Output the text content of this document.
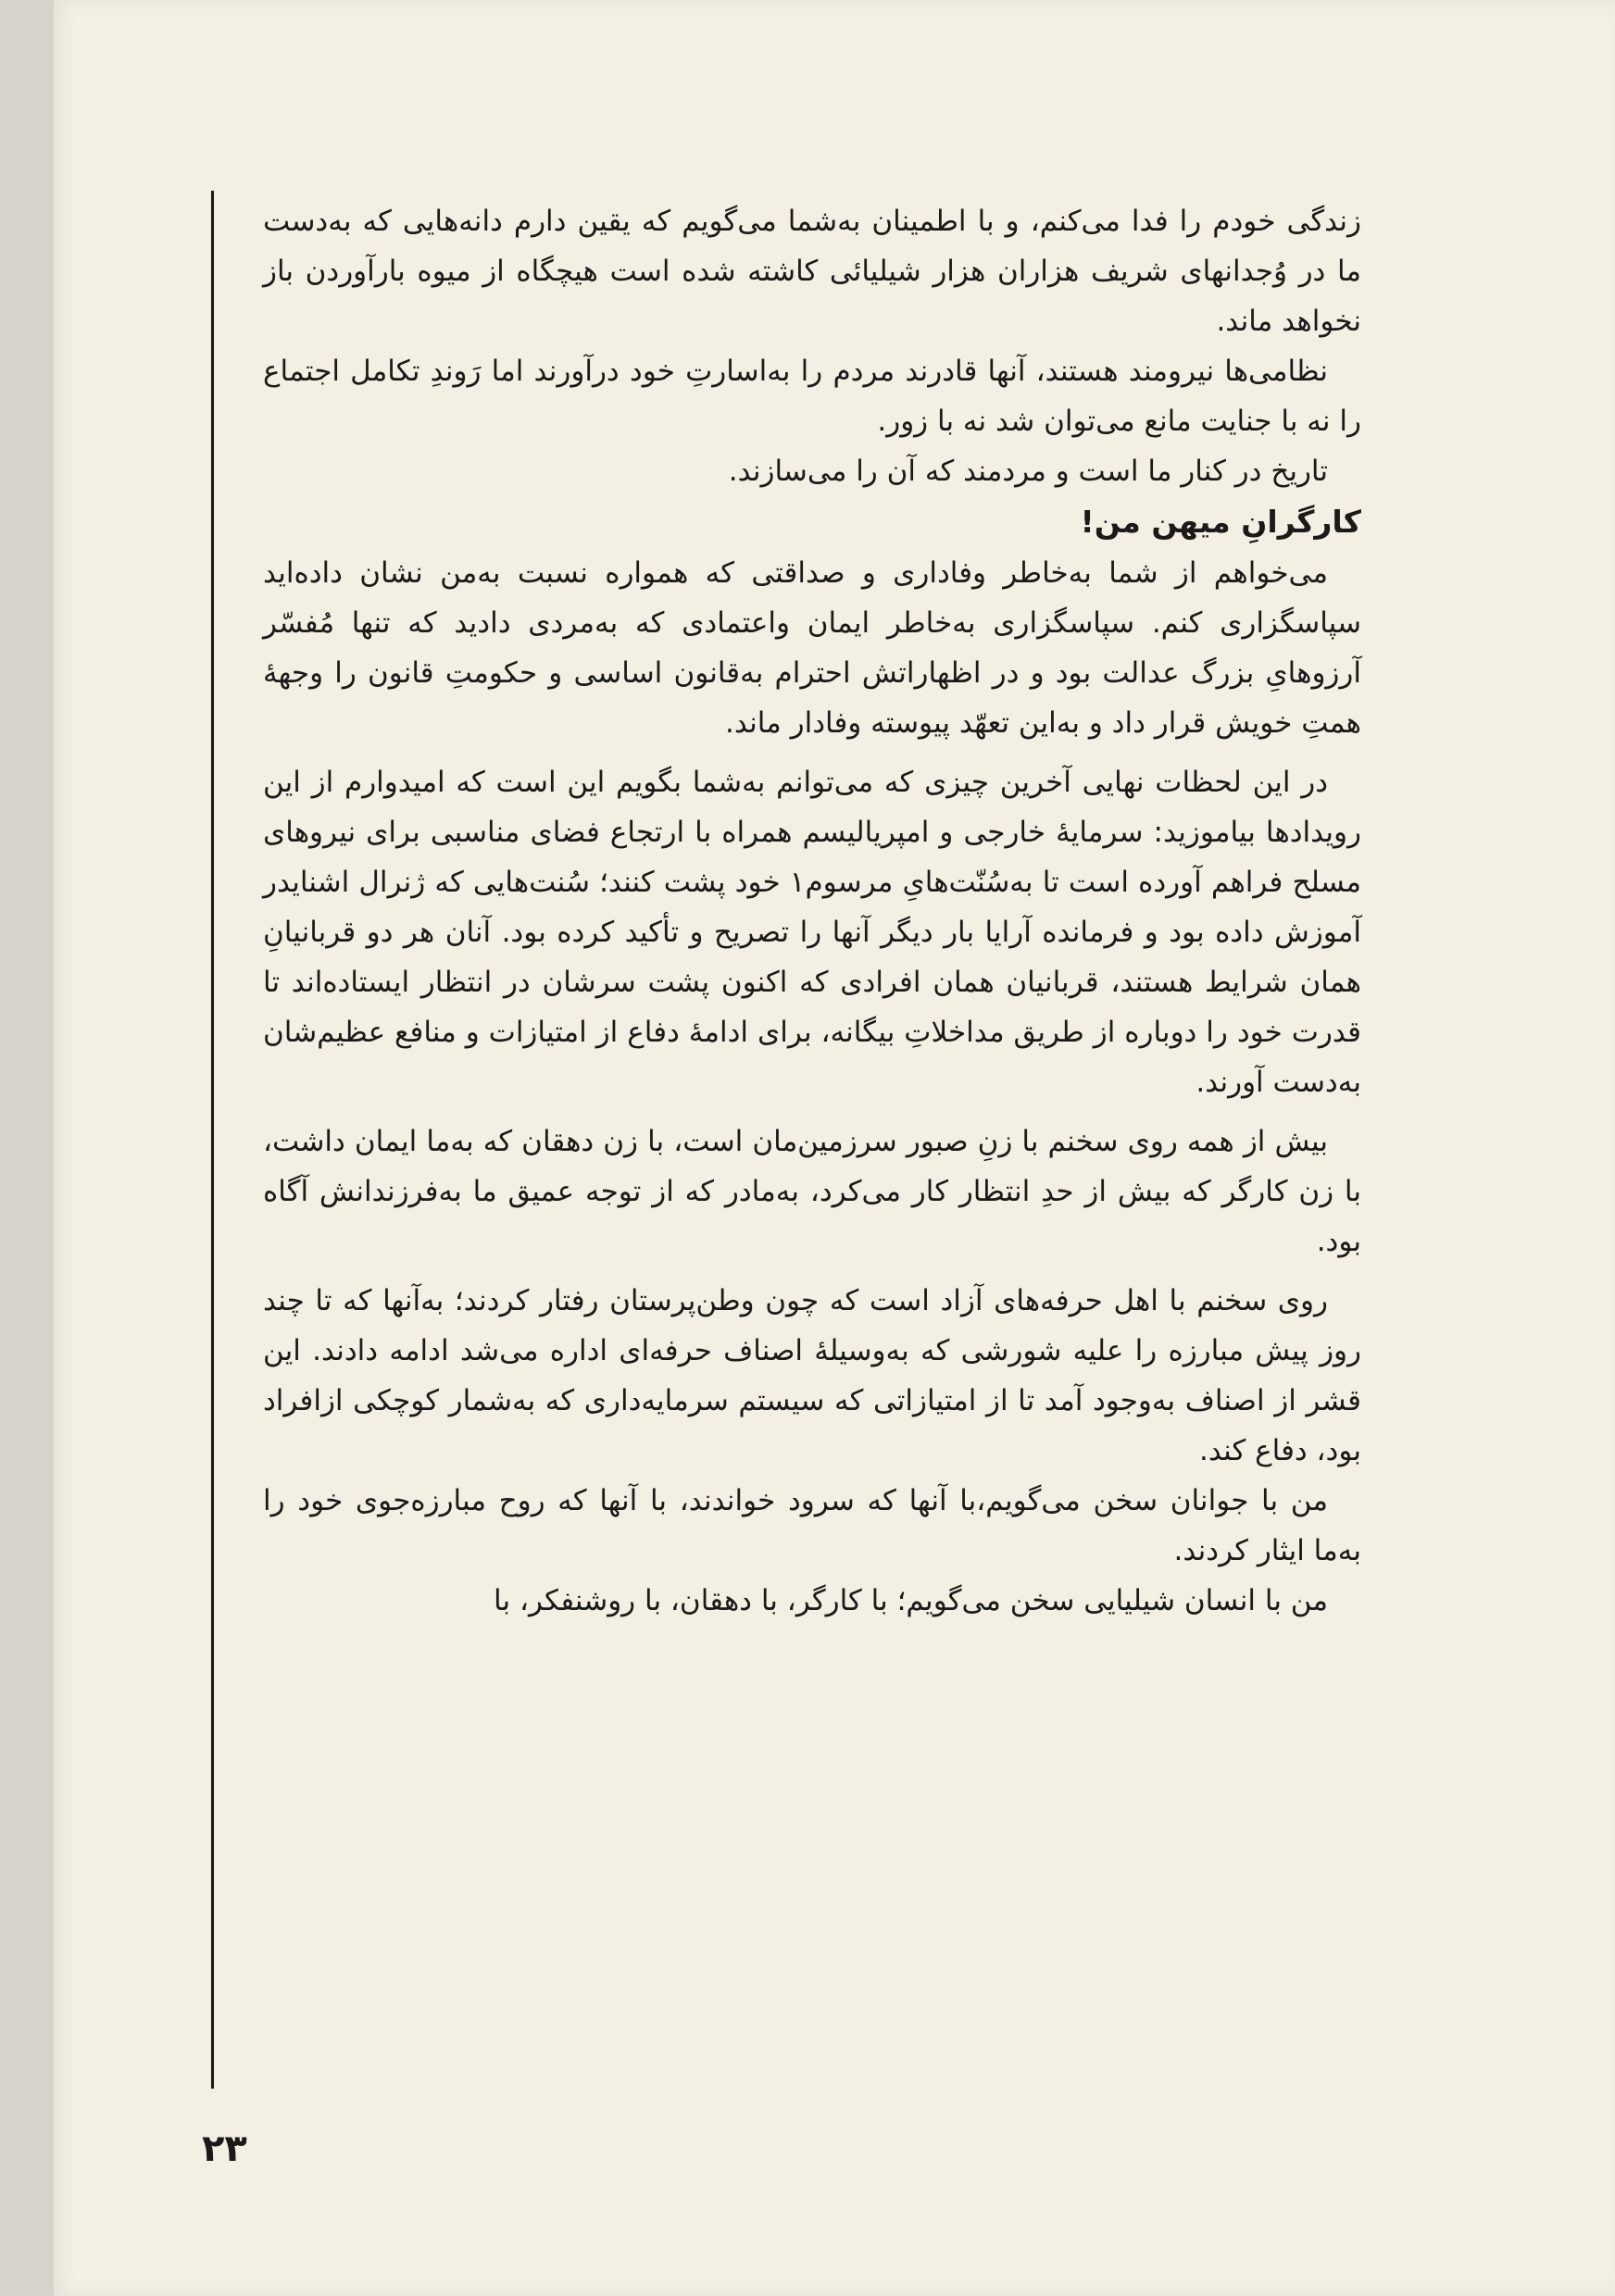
زندگی خودم را فدا می‌کنم، و با اطمینان به‌شما می‌گویم که یقین دارم دانه‌هایی که به‌دست ما در وُجدانهای شریف هزاران هزار شیلیائی کاشته شده است هیچگاه از میوه بارآوردن باز نخواهد ماند.

نظامی‌ها نیرومند هستند، آنها قادرند مردم را به‌اسارتِ خود درآورند اما رَوندِ تکامل اجتماع را نه با جنایت مانع می‌توان شد نه با زور.

تاریخ در کنار ما است و مردمند که آن را می‌سازند.

کارگرانِ میهن من!

می‌خواهم از شما به‌خاطر وفاداری و صداقتی که همواره نسبت به‌من نشان داده‌اید سپاسگزاری کنم. سپاسگزاری به‌خاطر ایمان واعتمادی که به‌مردی دادید که تنها مُفسّر آرزوهایِ بزرگ عدالت بود و در اظهاراتش احترام به‌قانون اساسی و حکومتِ قانون را وجههٔ همتِ خویش قرار داد و به‌این تعهّد پیوسته وفادار ماند.

در این لحظات نهایی آخرین چیزی که می‌توانم به‌شما بگویم این است که امیدوارم از این رویدادها بیاموزید: سرمایهٔ خارجی و امپریالیسم همراه با ارتجاع فضای مناسبی برای نیروهای مسلح فراهم آورده است تا به‌سُنّت‌هایِ مرسوم۱ خود پشت کنند؛ سُنت‌هایی که ژنرال اشنایدر آموزش داده بود و فرمانده آرایا بار دیگر آنها را تصریح و تأکید کرده بود. آنان هر دو قربانیانِ همان شرایط هستند، قربانیان همان افرادی که اکنون پشت سرشان در انتظار ایستاده‌اند تا قدرت خود را دوباره از طریق مداخلاتِ بیگانه، برای ادامهٔ دفاع از امتیازات و منافع عظیم‌شان به‌دست آورند.

بیش از همه روی سخنم با زنِ صبور سرزمین‌مان است، با زن دهقان که به‌ما ایمان داشت، با زن کارگر که بیش از حدِ انتظار کار می‌کرد، به‌مادر که از توجه عمیق ما به‌فرزندانش آگاه بود.

روی سخنم با اهل حرفه‌های آزاد است که چون وطن‌پرستان رفتار کردند؛ به‌آنها که تا چند روز پیش مبارزه را علیه شورشی که به‌وسیلهٔ اصناف حرفه‌ای اداره می‌شد ادامه دادند. این قشر از اصناف به‌وجود آمد تا از امتیازاتی که سیستم سرمایه‌داری که به‌شمار کوچکی ازافراد بود، دفاع کند.

من با جوانان سخن می‌گویم،با آنها که سرود خواندند، با آنها که روح مبارزه‌جوی خود را به‌ما ایثار کردند.

من با انسان شیلیایی سخن می‌گویم؛ با کارگر، با دهقان، با روشنفکر، با

۲۳
